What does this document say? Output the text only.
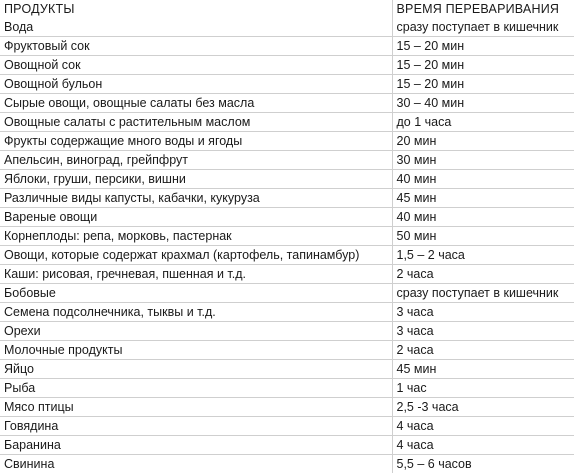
ПРОДУКТЫ	ВРЕМЯ ПЕРЕВАРИВАНИЯ
Вода	сразу поступает в кишечник
Фруктовый сок	15 – 20 мин
Овощной сок	15 – 20 мин
Овощной бульон	15 – 20 мин
Сырые овощи, овощные салаты без масла	30 – 40 мин
Овощные салаты с растительным маслом	до 1 часа
Фрукты содержащие много воды и ягоды	20 мин
Апельсин, виноград, грейпфрут	30 мин
Яблоки, груши, персики, вишни	40 мин
Различные виды капусты, кабачки, кукуруза	45 мин
Вареные овощи	40 мин
Корнеплоды: репа, морковь, пастернак	50 мин
Овощи, которые содержат крахмал (картофель, тапинамбур)	1,5 – 2 часа
Каши: рисовая, гречневая, пшенная и т.д.	2 часа
Бобовые	сразу поступает в кишечник
Семена подсолнечника, тыквы и т.д.	3 часа
Орехи	3 часа
Молочные продукты	2 часа
Яйцо	45 мин
Рыба	1 час
Мясо птицы	2,5 -3 часа
Говядина	4 часа
Баранина	4 часа
Свинина	5,5 – 6 часов
